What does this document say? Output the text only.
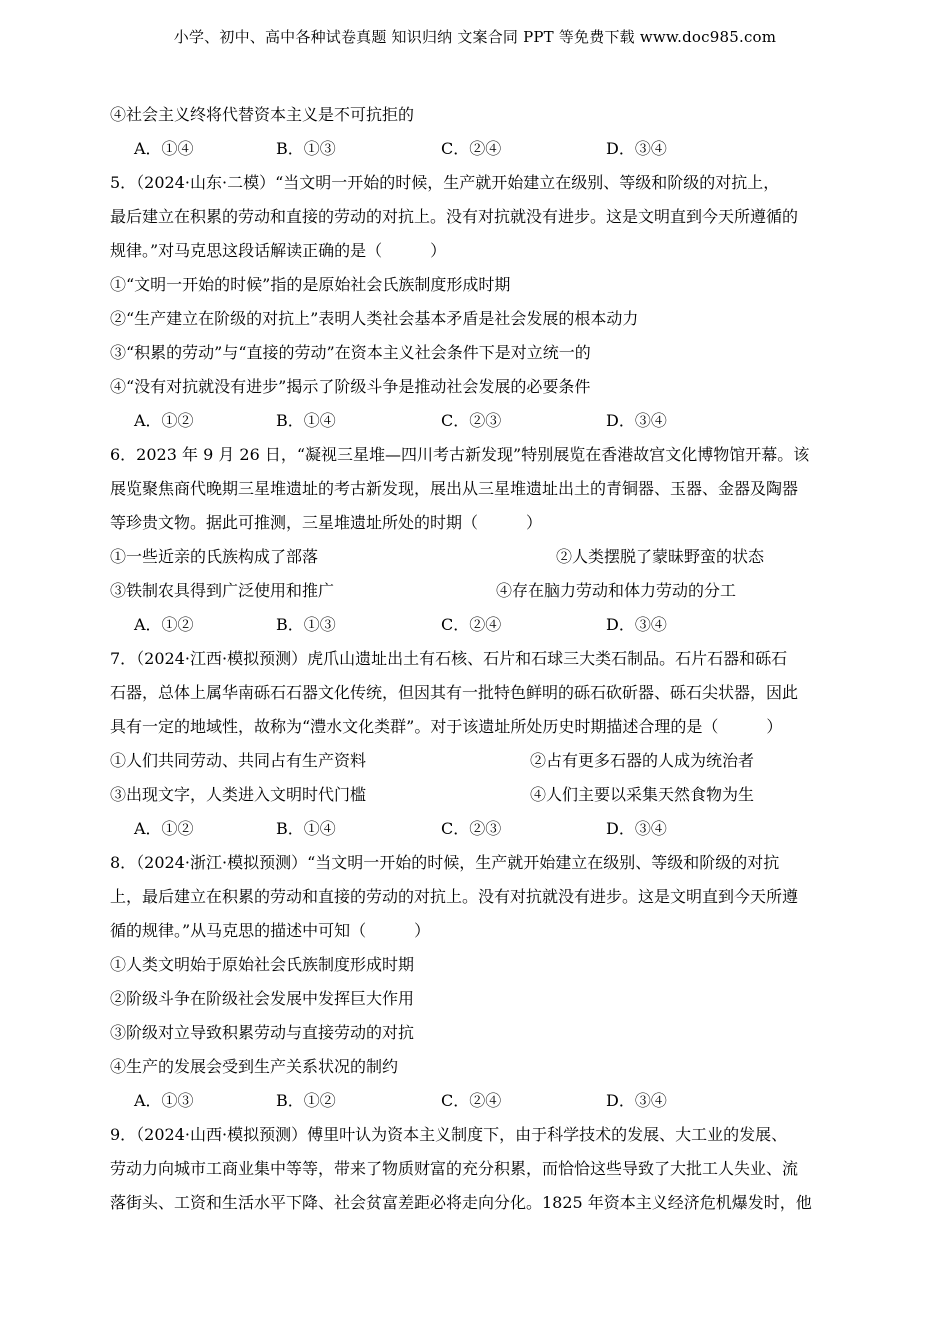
小学、初中、高中各种试卷真题 知识归纳 文案合同 PPT 等免费下载 www.doc985.com
④社会主义终将代替资本主义是不可抗拒的
A．①④	B．①③	C．②④	D．③④
5．（2024·山东·二模）“当文明一开始的时候，生产就开始建立在级别、等级和阶级的对抗上，
最后建立在积累的劳动和直接的劳动的对抗上。没有对抗就没有进步。这是文明直到今天所遵循的
规律。”对马克思这段话解读正确的是（　　　）
①“文明一开始的时候”指的是原始社会氏族制度形成时期
②“生产建立在阶级的对抗上”表明人类社会基本矛盾是社会发展的根本动力
③“积累的劳动”与“直接的劳动”在资本主义社会条件下是对立统一的
④“没有对抗就没有进步”揭示了阶级斗争是推动社会发展的必要条件
A．①②	B．①④	C．②③	D．③④
6．2023 年 9 月 26 日，“凝视三星堆—四川考古新发现”特别展览在香港故宫文化博物馆开幕。该
展览聚焦商代晚期三星堆遗址的考古新发现，展出从三星堆遗址出土的青铜器、玉器、金器及陶器
等珍贵文物。据此可推测，三星堆遗址所处的时期（　　　）
①一些近亲的氏族构成了部落	②人类摆脱了蒙昧野蛮的状态
③铁制农具得到广泛使用和推广	④存在脑力劳动和体力劳动的分工
A．①②	B．①③	C．②④	D．③④
7．（2024·江西·模拟预测）虎爪山遗址出土有石核、石片和石球三大类石制品。石片石器和砾石
石器，总体上属华南砾石石器文化传统，但因其有一批特色鲜明的砾石砍斫器、砾石尖状器，因此
具有一定的地域性，故称为“澧水文化类群”。对于该遗址所处历史时期描述合理的是（　　　）
①人们共同劳动、共同占有生产资料	②占有更多石器的人成为统治者
③出现文字，人类进入文明时代门槛	④人们主要以采集天然食物为生
A．①②	B．①④	C．②③	D．③④
8．（2024·浙江·模拟预测）“当文明一开始的时候，生产就开始建立在级别、等级和阶级的对抗
上，最后建立在积累的劳动和直接的劳动的对抗上。没有对抗就没有进步。这是文明直到今天所遵
循的规律。”从马克思的描述中可知（　　　）
①人类文明始于原始社会氏族制度形成时期
②阶级斗争在阶级社会发展中发挥巨大作用
③阶级对立导致积累劳动与直接劳动的对抗
④生产的发展会受到生产关系状况的制约
A．①③	B．①②	C．②④	D．③④
9．（2024·山西·模拟预测）傅里叶认为资本主义制度下，由于科学技术的发展、大工业的发展、
劳动力向城市工商业集中等等，带来了物质财富的充分积累，而恰恰这些导致了大批工人失业、流
落街头、工资和生活水平下降、社会贫富差距必将走向分化。1825 年资本主义经济危机爆发时，他
